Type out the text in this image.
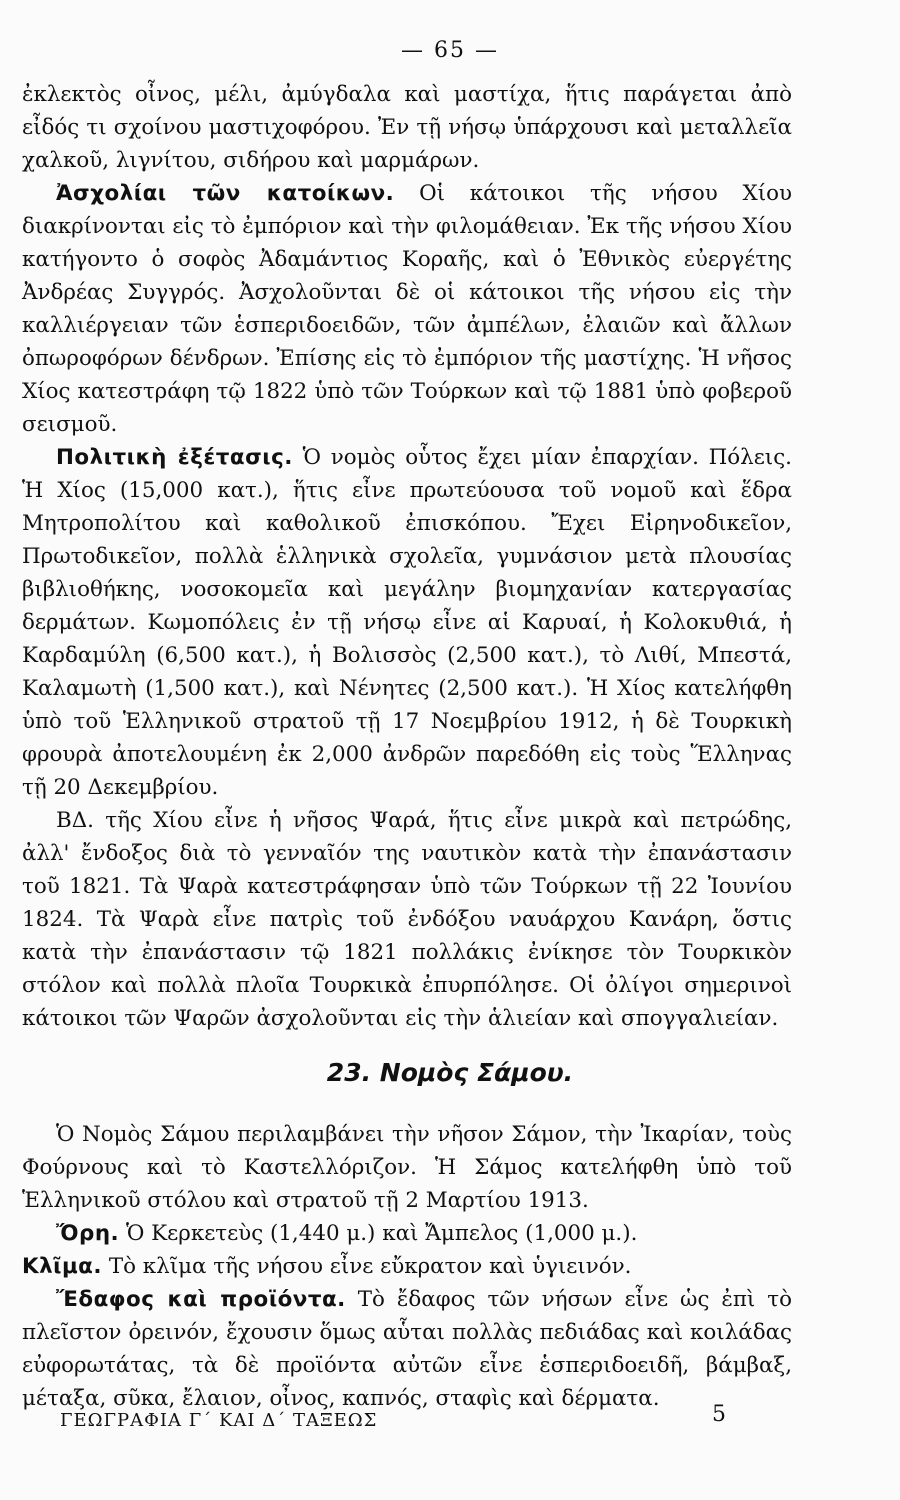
— 65 —

ἐκλεκτὸς οἶνος, μέλι, ἀμύγδαλα καὶ μαστίχα, ἥτις παράγεται ἀπὸ εἶδός τι σχοίνου μαστιχοφόρου. Ἐν τῇ νήσῳ ὑπάρχουσι καὶ μεταλλεῖα χαλκοῦ, λιγνίτου, σιδήρου καὶ μαρμάρων.

Ἀσχολίαι τῶν κατοίκων. Οἱ κάτοικοι τῆς νήσου Χίου διακρίνονται εἰς τὸ ἐμπόριον καὶ τὴν φιλομάθειαν. Ἐκ τῆς νήσου Χίου κατήγοντο ὁ σοφὸς Ἀδαμάντιος Κοραῆς, καὶ ὁ Ἐθνικὸς εὐεργέτης Ἀνδρέας Συγγρός. Ἀσχολοῦνται δὲ οἱ κάτοικοι τῆς νήσου εἰς τὴν καλλιέργειαν τῶν ἑσπεριδοειδῶν, τῶν ἀμπέλων, ἐλαιῶν καὶ ἄλλων ὀπωροφόρων δένδρων. Ἐπίσης εἰς τὸ ἐμπόριον τῆς μαστίχης. Ἡ νῆσος Χίος κατεστράφη τῷ 1822 ὑπὸ τῶν Τούρκων καὶ τῷ 1881 ὑπὸ φοβεροῦ σεισμοῦ.

Πολιτικὴ ἐξέτασις. Ὁ νομὸς οὗτος ἔχει μίαν ἐπαρχίαν. Πόλεις. Ἡ Χίος (15,000 κατ.), ἥτις εἶνε πρωτεύουσα τοῦ νομοῦ καὶ ἕδρα Μητροπολίτου καὶ καθολικοῦ ἐπισκόπου. Ἔχει Εἰρηνοδικεῖον, Πρωτοδικεῖον, πολλὰ ἑλληνικὰ σχολεῖα, γυμνάσιον μετὰ πλουσίας βιβλιοθήκης, νοσοκομεῖα καὶ μεγάλην βιομηχανίαν κατεργασίας δερμάτων. Κωμοπόλεις ἐν τῇ νήσῳ εἶνε αἱ Καρυαί, ἡ Κολοκυθιά, ἡ Καρδαμύλη (6,500 κατ.), ἡ Βολισσὸς (2,500 κατ.), τὸ Λιθί, Μπεστά, Καλαμωτὴ (1,500 κατ.), καὶ Νένητες (2,500 κατ.). Ἡ Χίος κατελήφθη ὑπὸ τοῦ Ἑλληνικοῦ στρατοῦ τῇ 17 Νοεμβρίου 1912, ἡ δὲ Τουρκικὴ φρουρὰ ἀποτελουμένη ἐκ 2,000 ἀνδρῶν παρεδόθη εἰς τοὺς Ἕλληνας τῇ 20 Δεκεμβρίου.

ΒΔ. τῆς Χίου εἶνε ἡ νῆσος Ψαρά, ἥτις εἶνε μικρὰ καὶ πετρώδης, ἀλλ' ἔνδοξος διὰ τὸ γενναῖόν της ναυτικὸν κατὰ τὴν ἐπανάστασιν τοῦ 1821. Τὰ Ψαρὰ κατεστράφησαν ὑπὸ τῶν Τούρκων τῇ 22 Ἰουνίου 1824. Τὰ Ψαρὰ εἶνε πατρὶς τοῦ ἐνδόξου ναυάρχου Κανάρη, ὅστις κατὰ τὴν ἐπανάστασιν τῷ 1821 πολλάκις ἐνίκησε τὸν Τουρκικὸν στόλον καὶ πολλὰ πλοῖα Τουρκικὰ ἐπυρπόλησε. Οἱ ὀλίγοι σημερινοὶ κάτοικοι τῶν Ψαρῶν ἀσχολοῦνται εἰς τὴν ἁλιείαν καὶ σπογγαλιείαν.

23. Νομὸς Σάμου.

Ὁ Νομὸς Σάμου περιλαμβάνει τὴν νῆσον Σάμον, τὴν Ἰκαρίαν, τοὺς Φούρνους καὶ τὸ Καστελλόριζον. Ἡ Σάμος κατελήφθη ὑπὸ τοῦ Ἑλληνικοῦ στόλου καὶ στρατοῦ τῇ 2 Μαρτίου 1913.

Ὄρη. Ὁ Κερκετεὺς (1,440 μ.) καὶ Ἄμπελος (1,000 μ.).

Κλῖμα. Τὸ κλῖμα τῆς νήσου εἶνε εὔκρατον καὶ ὑγιεινόν.

Ἔδαφος καὶ προϊόντα. Τὸ ἔδαφος τῶν νήσων εἶνε ὡς ἐπὶ τὸ πλεῖστον ὀρεινόν, ἔχουσιν ὅμως αὗται πολλὰς πεδιάδας καὶ κοιλάδας εὐφορωτάτας, τὰ δὲ προϊόντα αὐτῶν εἶνε ἑσπεριδοειδῆ, βάμβαξ, μέταξα, σῦκα, ἔλαιον, οἶνος, καπνός, σταφὶς καὶ δέρματα.

ΓΕΩΓΡΑΦΙΑ Γ΄ ΚΑΙ Δ΄ ΤΑΞΕΩΣ	5
